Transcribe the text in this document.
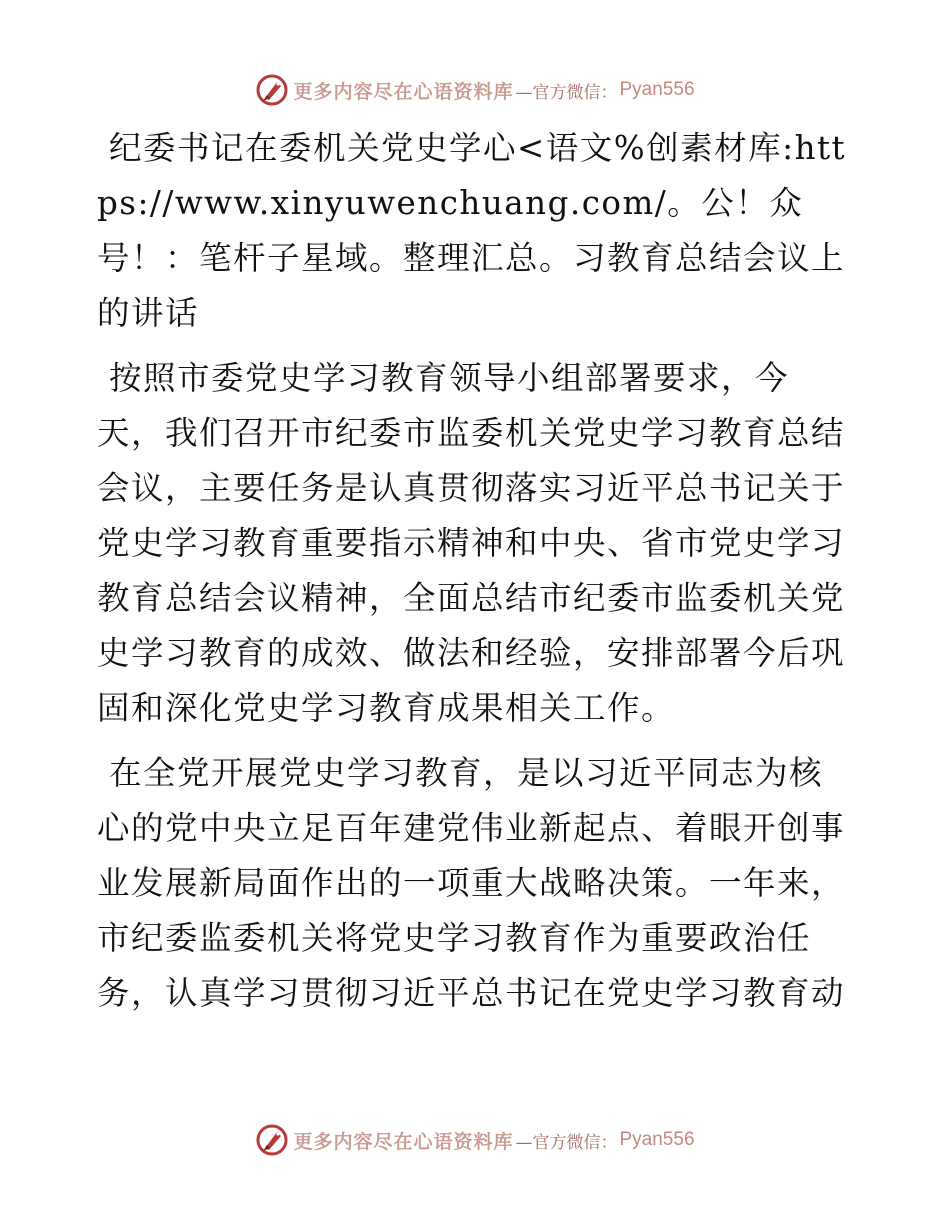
更多内容尽在心语资料库 —官方微信： Pyan556

纪委书记在委机关党史学心<语文%创素材库:https://www.xinyuwenchuang.com/。公！众号！：笔杆子星域。整理汇总。习教育总结会议上的讲话

按照市委党史学习教育领导小组部署要求，今天，我们召开市纪委市监委机关党史学习教育总结会议，主要任务是认真贯彻落实习近平总书记关于党史学习教育重要指示精神和中央、省市党史学习教育总结会议精神，全面总结市纪委市监委机关党史学习教育的成效、做法和经验，安排部署今后巩固和深化党史学习教育成果相关工作。

在全党开展党史学习教育，是以习近平同志为核心的党中央立足百年建党伟业新起点、着眼开创事业发展新局面作出的一项重大战略决策。一年来，市纪委监委机关将党史学习教育作为重要政治任务，认真学习贯彻习近平总书记在党史学习教育动

更多内容尽在心语资料库 —官方微信： Pyan556
